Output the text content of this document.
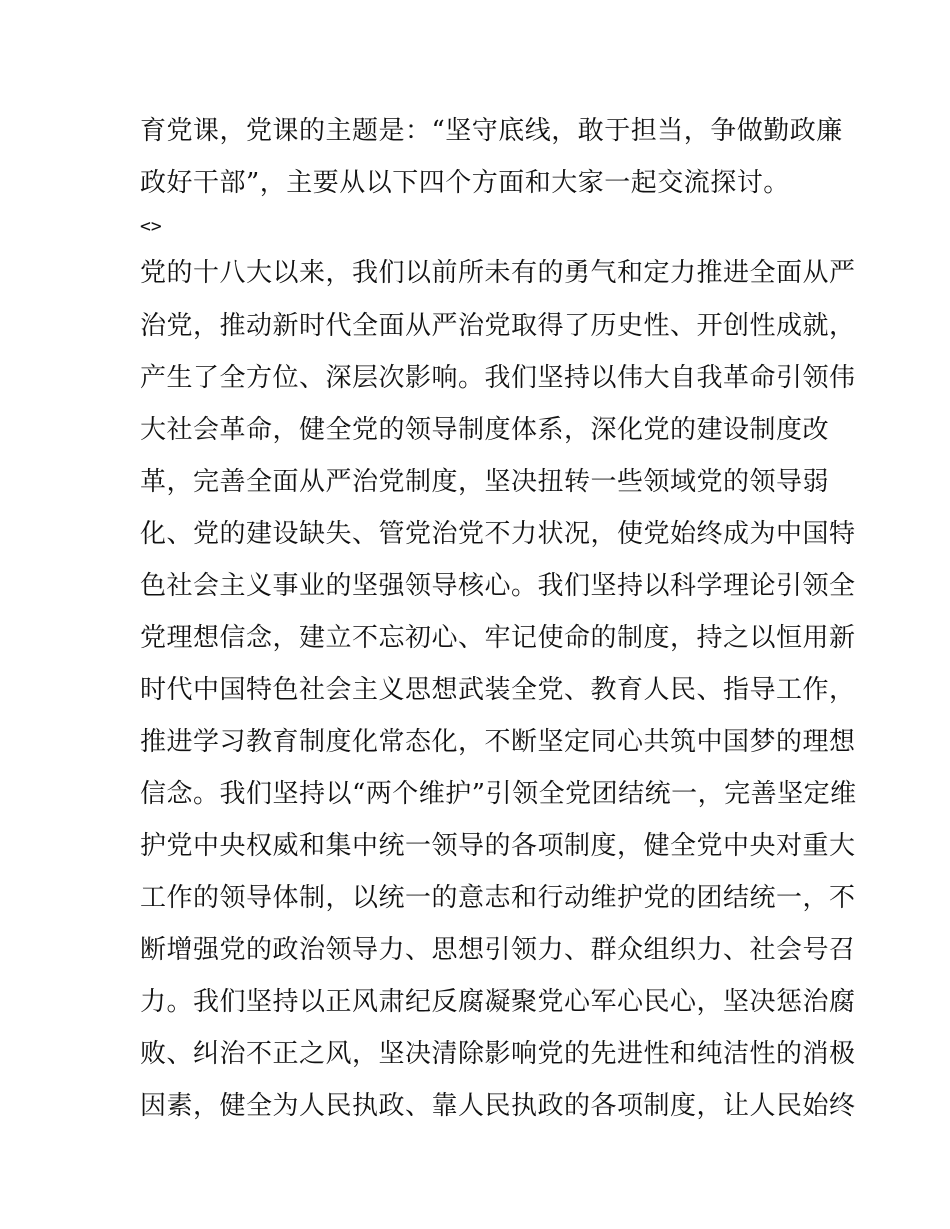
育党课，党课的主题是：“坚守底线，敢于担当，争做勤政廉
政好干部”，主要从以下四个方面和大家一起交流探讨。
<>
党的十八大以来，我们以前所未有的勇气和定力推进全面从严
治党，推动新时代全面从严治党取得了历史性、开创性成就，
产生了全方位、深层次影响。我们坚持以伟大自我革命引领伟
大社会革命，健全党的领导制度体系，深化党的建设制度改
革，完善全面从严治党制度，坚决扭转一些领域党的领导弱
化、党的建设缺失、管党治党不力状况，使党始终成为中国特
色社会主义事业的坚强领导核心。我们坚持以科学理论引领全
党理想信念，建立不忘初心、牢记使命的制度，持之以恒用新
时代中国特色社会主义思想武装全党、教育人民、指导工作，
推进学习教育制度化常态化，不断坚定同心共筑中国梦的理想
信念。我们坚持以“两个维护”引领全党团结统一，完善坚定维
护党中央权威和集中统一领导的各项制度，健全党中央对重大
工作的领导体制，以统一的意志和行动维护党的团结统一，不
断增强党的政治领导力、思想引领力、群众组织力、社会号召
力。我们坚持以正风肃纪反腐凝聚党心军心民心，坚决惩治腐
败、纠治不正之风，坚决清除影响党的先进性和纯洁性的消极
因素，健全为人民执政、靠人民执政的各项制度，让人民始终
